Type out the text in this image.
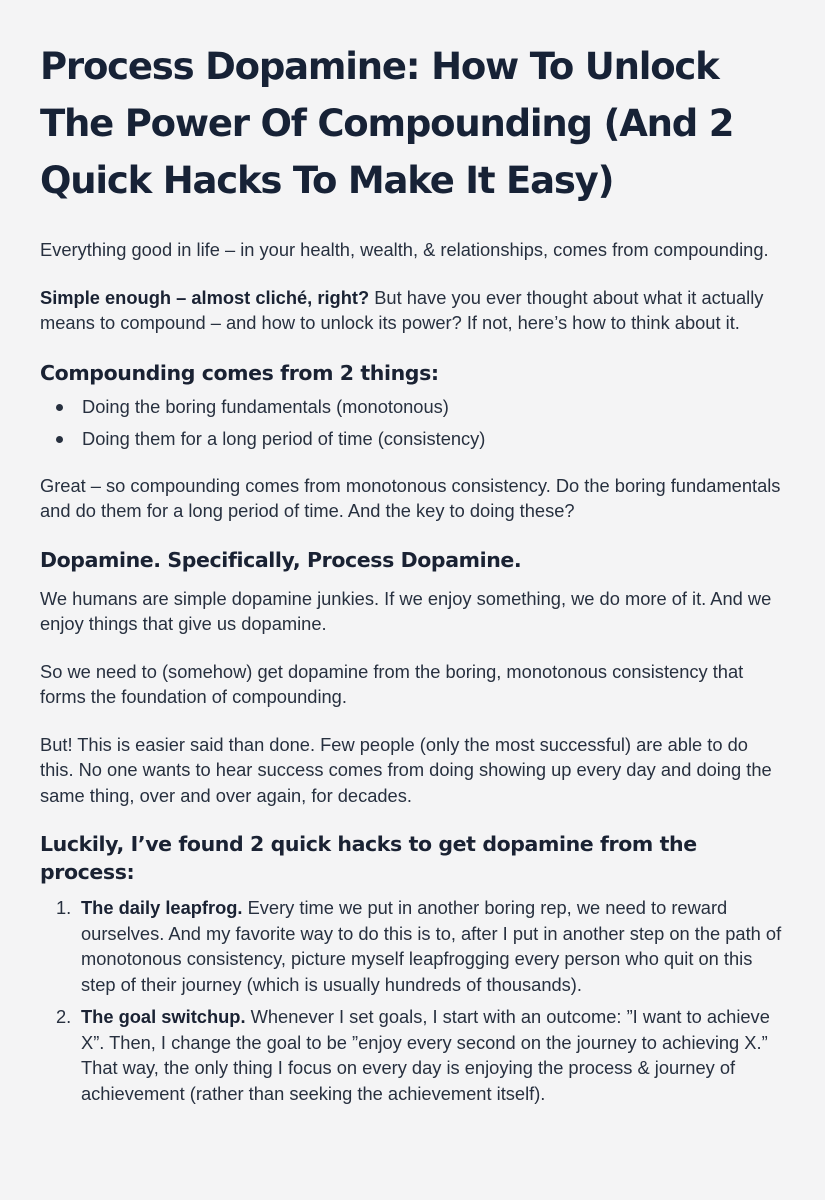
Process Dopamine: How To Unlock The Power Of Compounding (And 2 Quick Hacks To Make It Easy)

Everything good in life – in your health, wealth, & relationships, comes from compounding.

Simple enough – almost cliché, right? But have you ever thought about what it actually means to compound – and how to unlock its power? If not, here’s how to think about it.

Compounding comes from 2 things:
Doing the boring fundamentals (monotonous)
Doing them for a long period of time (consistency)

Great – so compounding comes from monotonous consistency. Do the boring fundamentals and do them for a long period of time. And the key to doing these?

Dopamine. Specifically, Process Dopamine.

We humans are simple dopamine junkies. If we enjoy something, we do more of it. And we enjoy things that give us dopamine.

So we need to (somehow) get dopamine from the boring, monotonous consistency that forms the foundation of compounding.

But! This is easier said than done. Few people (only the most successful) are able to do this. No one wants to hear success comes from doing showing up every day and doing the same thing, over and over again, for decades.

Luckily, I’ve found 2 quick hacks to get dopamine from the process:
1. The daily leapfrog. Every time we put in another boring rep, we need to reward ourselves. And my favorite way to do this is to, after I put in another step on the path of monotonous consistency, picture myself leapfrogging every person who quit on this step of their journey (which is usually hundreds of thousands).
2. The goal switchup. Whenever I set goals, I start with an outcome: ”I want to achieve X”. Then, I change the goal to be ”enjoy every second on the journey to achieving X.” That way, the only thing I focus on every day is enjoying the process & journey of achievement (rather than seeking the achievement itself).
